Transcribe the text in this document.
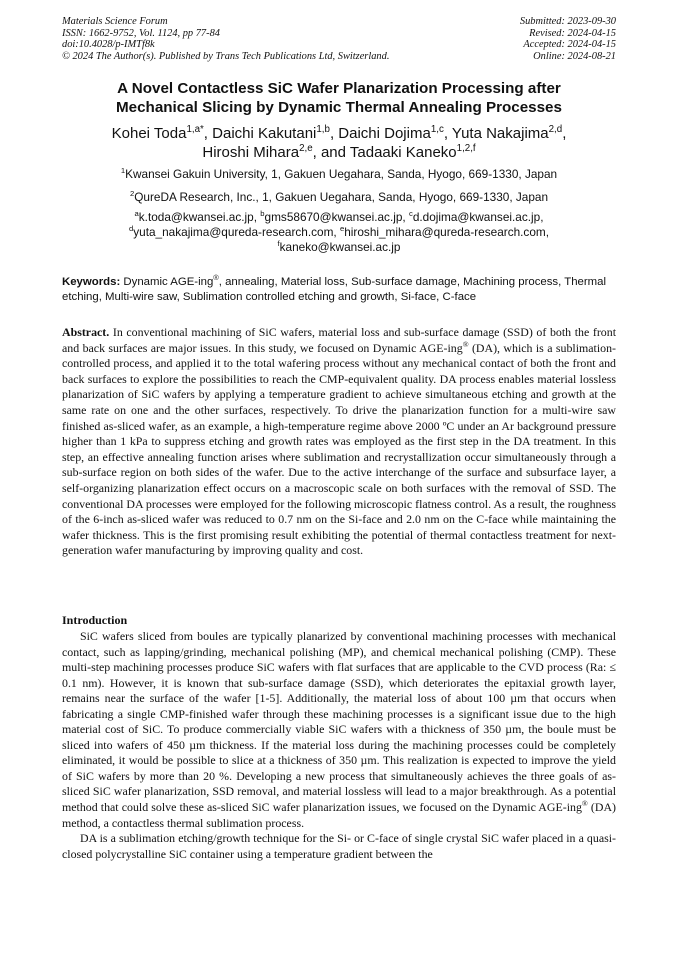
Materials Science Forum
ISSN: 1662-9752, Vol. 1124, pp 77-84
doi:10.4028/p-IMTf8k
© 2024 The Author(s). Published by Trans Tech Publications Ltd, Switzerland.
Submitted: 2023-09-30
Revised: 2024-04-15
Accepted: 2024-04-15
Online: 2024-08-21
A Novel Contactless SiC Wafer Planarization Processing after
Mechanical Slicing by Dynamic Thermal Annealing Processes
Kohei Toda$^{1,a*}$, Daichi Kakutani$^{1,b}$, Daichi Dojima$^{1,c}$, Yuta Nakajima$^{2,d}$,
Hiroshi Mihara$^{2,e}$, and Tadaaki Kaneko$^{1,2,f}$
$^1$Kwansei Gakuin University, 1, Gakuen Uegahara, Sanda, Hyogo, 669-1330, Japan
$^2$QureDA Research, Inc., 1, Gakuen Uegahara, Sanda, Hyogo, 669-1330, Japan
$^a$k.toda@kwansei.ac.jp, $^b$gms58670@kwansei.ac.jp, $^c$d.dojima@kwansei.ac.jp,
$^d$yuta_nakajima@qureda-research.com, $^e$hiroshi_mihara@qureda-research.com,
$^f$kaneko@kwansei.ac.jp
Keywords: Dynamic AGE-ing®, annealing, Material loss, Sub-surface damage, Machining process, Thermal etching, Multi-wire saw, Sublimation controlled etching and growth, Si-face, C-face
Abstract. In conventional machining of SiC wafers, material loss and sub-surface damage (SSD) of both the front and back surfaces are major issues. In this study, we focused on Dynamic AGE-ing® (DA), which is a sublimation-controlled process, and applied it to the total wafering process without any mechanical contact of both the front and back surfaces to explore the possibilities to reach the CMP-equivalent quality. DA process enables material lossless planarization of SiC wafers by applying a temperature gradient to achieve simultaneous etching and growth at the same rate on one and the other surfaces, respectively. To drive the planarization function for a multi-wire saw finished as-sliced wafer, as an example, a high-temperature regime above 2000 ºC under an Ar background pressure higher than 1 kPa to suppress etching and growth rates was employed as the first step in the DA treatment. In this step, an effective annealing function arises where sublimation and recrystallization occur simultaneously through a sub-surface region on both sides of the wafer. Due to the active interchange of the surface and subsurface layer, a self-organizing planarization effect occurs on a macroscopic scale on both surfaces with the removal of SSD. The conventional DA processes were employed for the following microscopic flatness control. As a result, the roughness of the 6-inch as-sliced wafer was reduced to 0.7 nm on the Si-face and 2.0 nm on the C-face while maintaining the wafer thickness. This is the first promising result exhibiting the potential of thermal contactless treatment for next-generation wafer manufacturing by improving quality and cost.
Introduction

SiC wafers sliced from boules are typically planarized by conventional machining processes with mechanical contact, such as lapping/grinding, mechanical polishing (MP), and chemical mechanical polishing (CMP). These multi-step machining processes produce SiC wafers with flat surfaces that are applicable to the CVD process (Ra: ≤ 0.1 nm). However, it is known that sub-surface damage (SSD), which deteriorates the epitaxial growth layer, remains near the surface of the wafer [1-5]. Additionally, the material loss of about 100 µm that occurs when fabricating a single CMP-finished wafer through these machining processes is a significant issue due to the high material cost of SiC. To produce commercially viable SiC wafers with a thickness of 350 µm, the boule must be sliced into wafers of 450 µm thickness. If the material loss during the machining processes could be completely eliminated, it would be possible to slice at a thickness of 350 µm. This realization is expected to improve the yield of SiC wafers by more than 20 %. Developing a new process that simultaneously achieves the three goals of as-sliced SiC wafer planarization, SSD removal, and material lossless will lead to a major breakthrough. As a potential method that could solve these as-sliced SiC wafer planarization issues, we focused on the Dynamic AGE-ing® (DA) method, a contactless thermal sublimation process.

DA is a sublimation etching/growth technique for the Si- or C-face of single crystal SiC wafer placed in a quasi-closed polycrystalline SiC container using a temperature gradient between the
